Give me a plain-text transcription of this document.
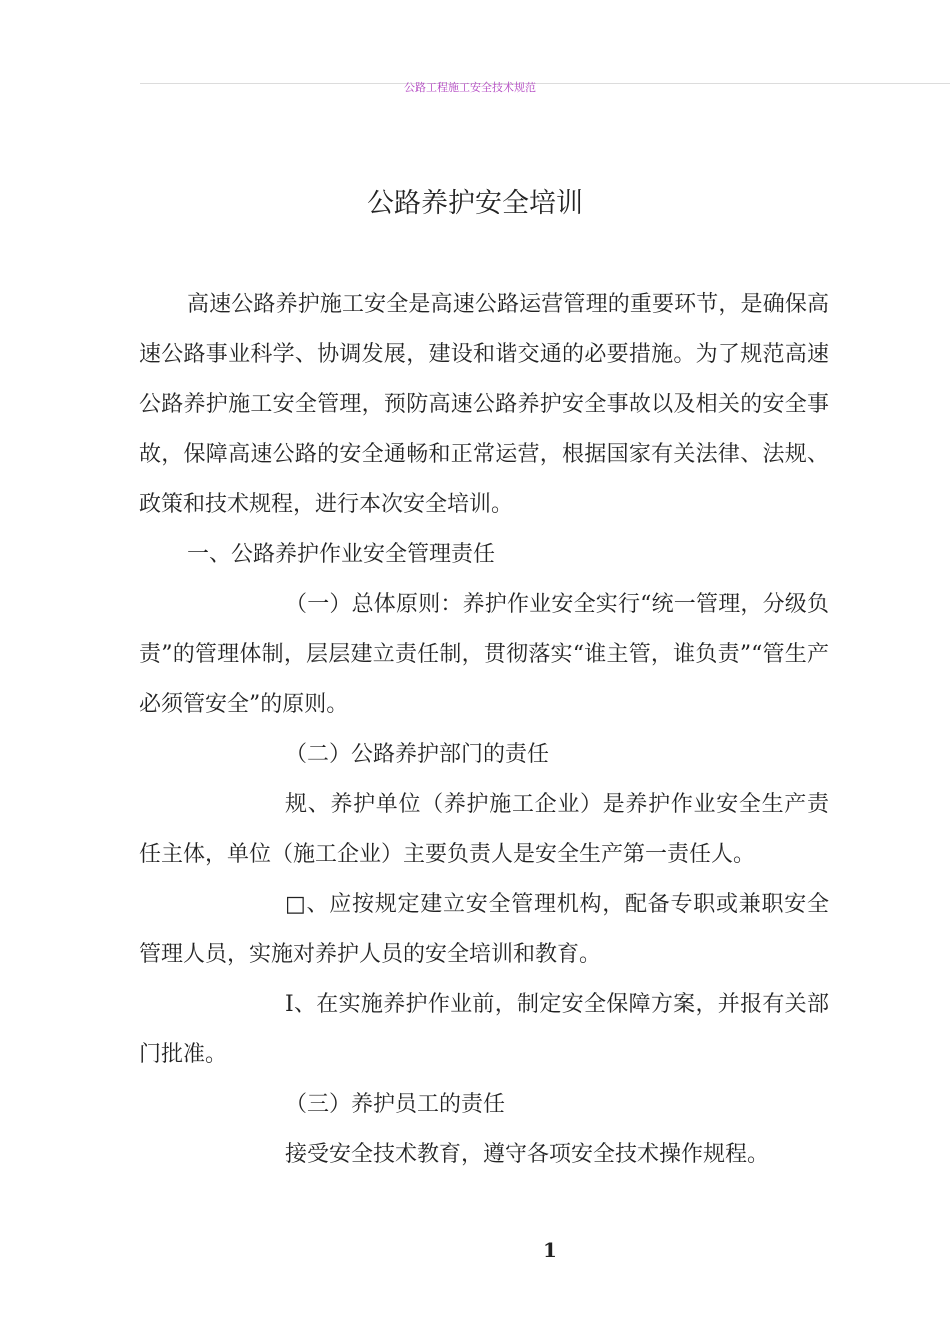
公路工程施工安全技术规范
公路养护安全培训

高速公路养护施工安全是高速公路运营管理的重要环节，是确保高速公路事业科学、协调发展，建设和谐交通的必要措施。为了规范高速公路养护施工安全管理，预防高速公路养护安全事故以及相关的安全事故，保障高速公路的安全通畅和正常运营，根据国家有关法律、法规、政策和技术规程，进行本次安全培训。

一、公路养护作业安全管理责任

（一）总体原则：养护作业安全实行“统一管理，分级负责”的管理体制，层层建立责任制，贯彻落实“谁主管，谁负责”“管生产必须管安全”的原则。

（二）公路养护部门的责任

规、养护单位（养护施工企业）是养护作业安全生产责任主体，单位（施工企业）主要负责人是安全生产第一责任人。

□、应按规定建立安全管理机构，配备专职或兼职安全管理人员，实施对养护人员的安全培训和教育。

I、在实施养护作业前，制定安全保障方案，并报有关部门批准。

（三）养护员工的责任

接受安全技术教育，遵守各项安全技术操作规程。

1
